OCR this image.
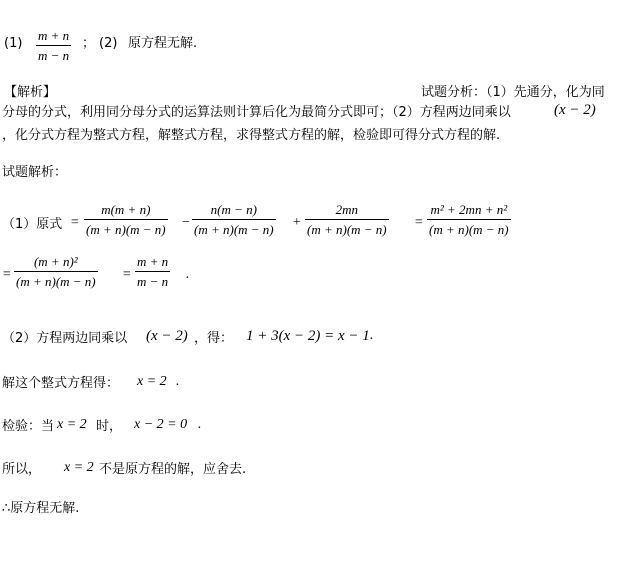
(1)
m + n
m − n
； (2) 原方程无解.
【解析】	试题分析：（1）先通分，化为同
分母的分式，利用同分母分式的运算法则计算后化为最简分式即可；（2）方程两边同乘以	(x − 2)
，化分式方程为整式方程，解整式方程，求得整式方程的解，检验即可得分式方程的解.
试题解析：
（1）原式 =
m(m + n)
(m + n)(m − n) −
n(m − n)
(m + n)(m − n) +
2mn
(m + n)(m − n) =
m² + 2mn + n²
(m + n)(m − n)
=
(m + n)²
(m + n)(m − n) =
m + n
m − n .
（2）方程两边同乘以 (x − 2) ，得： 1 + 3(x − 2) = x − 1 .
解这个整式方程得： x = 2 .
检验：当 x = 2 时， x − 2 = 0 .
所以， x = 2 不是原方程的解，应舍去.
∴原方程无解.
